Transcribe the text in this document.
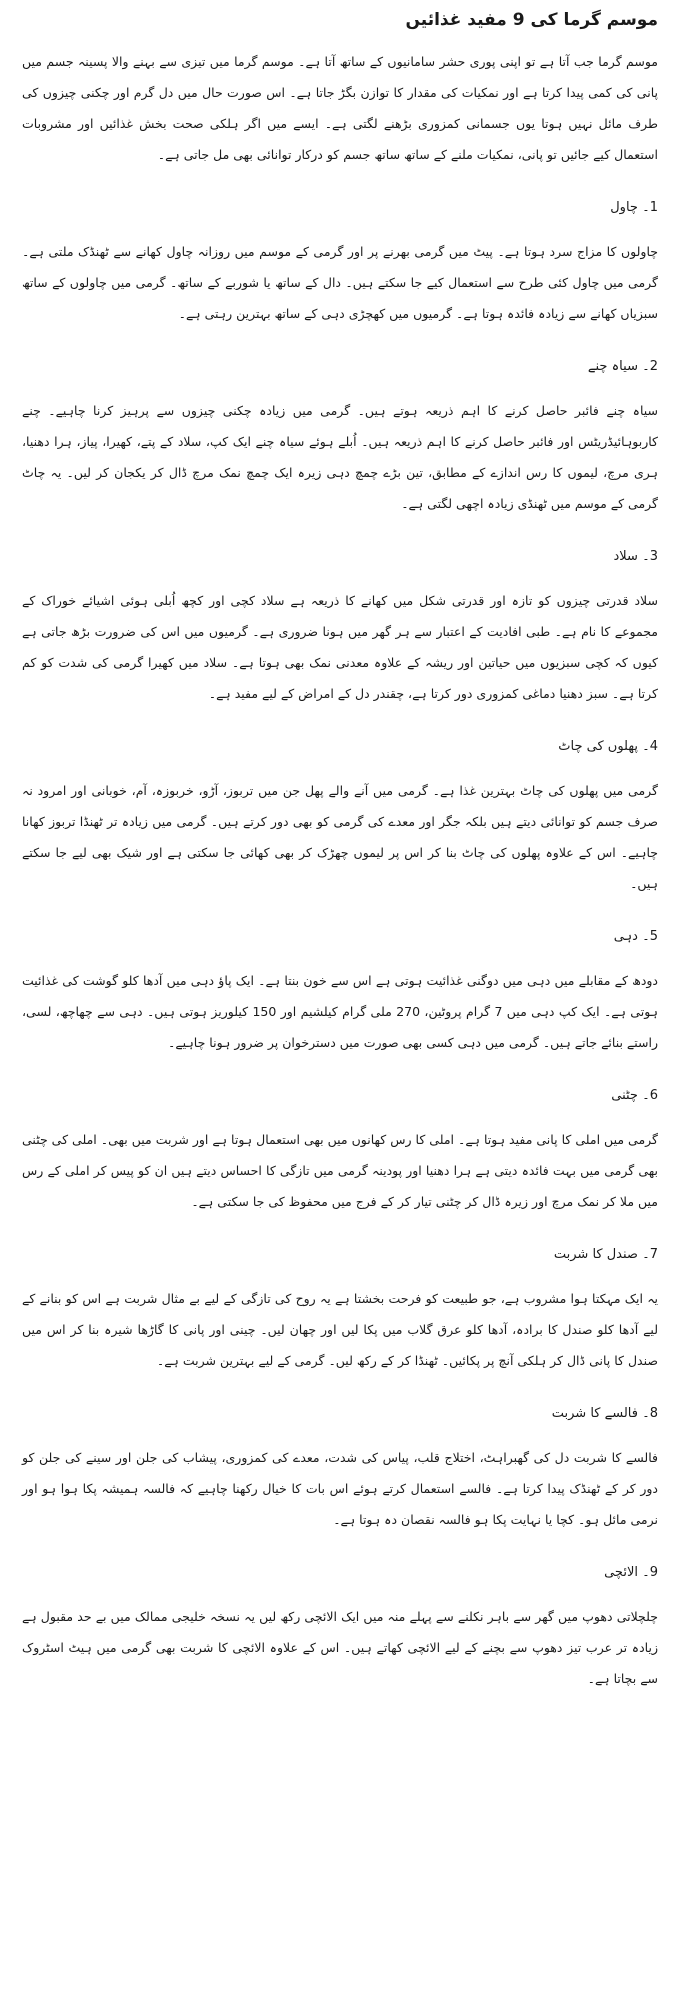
موسم گرما کی 9 مفید غذائیں
موسم گرما جب آتا ہے تو اپنی پوری حشر سامانیوں کے ساتھ آتا ہے۔ موسم گرما میں تیزی سے بہنے والا پسینہ جسم میں پانی کی کمی پیدا کرتا ہے اور نمکیات کی مقدار کا توازن بگڑ جاتا ہے۔ اس صورت حال میں دل گرم اور چکنی چیزوں کی طرف مائل نہیں ہوتا یوں جسمانی کمزوری بڑھنے لگتی ہے۔ ایسے میں اگر ہلکی صحت بخش غذائیں اور مشروبات استعمال کیے جائیں تو پانی، نمکیات ملنے کے ساتھ ساتھ جسم کو درکار توانائی بھی مل جاتی ہے۔
1۔ چاول
چاولوں کا مزاج سرد ہوتا ہے۔ پیٹ میں گرمی بھرنے پر اور گرمی کے موسم میں روزانہ چاول کھانے سے ٹھنڈک ملتی ہے۔ گرمی میں چاول کئی طرح سے استعمال کیے جا سکتے ہیں۔ دال کے ساتھ یا شوربے کے ساتھ۔ گرمی میں چاولوں کے ساتھ سبزیاں کھانے سے زیادہ فائدہ ہوتا ہے۔ گرمیوں میں کھچڑی دہی کے ساتھ بہترین رہتی ہے۔
2۔ سیاہ چنے
سیاہ چنے فائبر حاصل کرنے کا اہم ذریعہ ہوتے ہیں۔ گرمی میں زیادہ چکنی چیزوں سے پرہیز کرنا چاہیے۔ چنے کاربوہائیڈریٹس اور فائبر حاصل کرنے کا اہم ذریعہ ہیں۔ اُبلے ہوئے سیاہ چنے ایک کپ، سلاد کے پتے، کھیرا، پیاز، ہرا دھنیا، ہری مرچ، لیموں کا رس اندازے کے مطابق، تین بڑے چمچ دہی زیرہ ایک چمچ نمک مرچ ڈال کر یکجان کر لیں۔ یہ چاٹ گرمی کے موسم میں ٹھنڈی زیادہ اچھی لگتی ہے۔
3۔ سلاد
سلاد قدرتی چیزوں کو تازہ اور قدرتی شکل میں کھانے کا ذریعہ ہے سلاد کچی اور کچھ اُبلی ہوئی اشیائے خوراک کے مجموعے کا نام ہے۔ طبی افادیت کے اعتبار سے ہر گھر میں ہونا ضروری ہے۔ گرمیوں میں اس کی ضرورت بڑھ جاتی ہے کیوں کہ کچی سبزیوں میں حیاتین اور ریشہ کے علاوہ معدنی نمک بھی ہوتا ہے۔ سلاد میں کھیرا گرمی کی شدت کو کم کرتا ہے۔ سبز دھنیا دماغی کمزوری دور کرتا ہے، چقندر دل کے امراض کے لیے مفید ہے۔
4۔ پھلوں کی چاٹ
گرمی میں پھلوں کی چاٹ بہترین غذا ہے۔ گرمی میں آنے والے پھل جن میں تربوز، آڑو، خربوزہ، آم، خوبانی اور امرود نہ صرف جسم کو توانائی دیتے ہیں بلکہ جگر اور معدے کی گرمی کو بھی دور کرتے ہیں۔ گرمی میں زیادہ تر ٹھنڈا تربوز کھانا چاہیے۔ اس کے علاوہ پھلوں کی چاٹ بنا کر اس پر لیموں چھڑک کر بھی کھائی جا سکتی ہے اور شیک بھی لیے جا سکتے ہیں۔
5۔ دہی
دودھ کے مقابلے میں دہی میں دوگنی غذائیت ہوتی ہے اس سے خون بنتا ہے۔ ایک پاؤ دہی میں آدھا کلو گوشت کی غذائیت ہوتی ہے۔ ایک کپ دہی میں 7 گرام پروٹین، 270 ملی گرام کیلشیم اور 150 کیلوریز ہوتی ہیں۔ دہی سے چھاچھ، لسی، راستے بنائے جاتے ہیں۔ گرمی میں دہی کسی بھی صورت میں دسترخوان پر ضرور ہونا چاہیے۔
6۔ چٹنی
گرمی میں املی کا پانی مفید ہوتا ہے۔ املی کا رس کھانوں میں بھی استعمال ہوتا ہے اور شربت میں بھی۔ املی کی چٹنی بھی گرمی میں بہت فائدہ دیتی ہے ہرا دھنیا اور پودینہ گرمی میں تازگی کا احساس دیتے ہیں ان کو پیس کر املی کے رس میں ملا کر نمک مرچ اور زیرہ ڈال کر چٹنی تیار کر کے فرج میں محفوظ کی جا سکتی ہے۔
7۔ صندل کا شربت
یہ ایک مہکتا ہوا مشروب ہے، جو طبیعت کو فرحت بخشتا ہے یہ روح کی تازگی کے لیے بے مثال شربت ہے اس کو بنانے کے لیے آدھا کلو صندل کا برادہ، آدھا کلو عرق گلاب میں پکا لیں اور چھان لیں۔ چینی اور پانی کا گاڑھا شیرہ بنا کر اس میں صندل کا پانی ڈال کر ہلکی آنچ پر پکائیں۔ ٹھنڈا کر کے رکھ لیں۔ گرمی کے لیے بہترین شربت ہے۔
8۔ فالسے کا شربت
فالسے کا شربت دل کی گھبراہٹ، اختلاج قلب، پیاس کی شدت، معدے کی کمزوری، پیشاب کی جلن اور سینے کی جلن کو دور کر کے ٹھنڈک پیدا کرتا ہے۔ فالسے استعمال کرتے ہوئے اس بات کا خیال رکھنا چاہیے کہ فالسہ ہمیشہ پکا ہوا ہو اور نرمی مائل ہو۔ کچا یا نہایت پکا ہو فالسہ نقصان دہ ہوتا ہے۔
9۔ الائچی
چلچلاتی دھوپ میں گھر سے باہر نکلنے سے پہلے منہ میں ایک الائچی رکھ لیں یہ نسخہ خلیجی ممالک میں بے حد مقبول ہے زیادہ تر عرب تیز دھوپ سے بچنے کے لیے الائچی کھاتے ہیں۔ اس کے علاوہ الائچی کا شربت بھی گرمی میں ہیٹ اسٹروک سے بچاتا ہے۔
